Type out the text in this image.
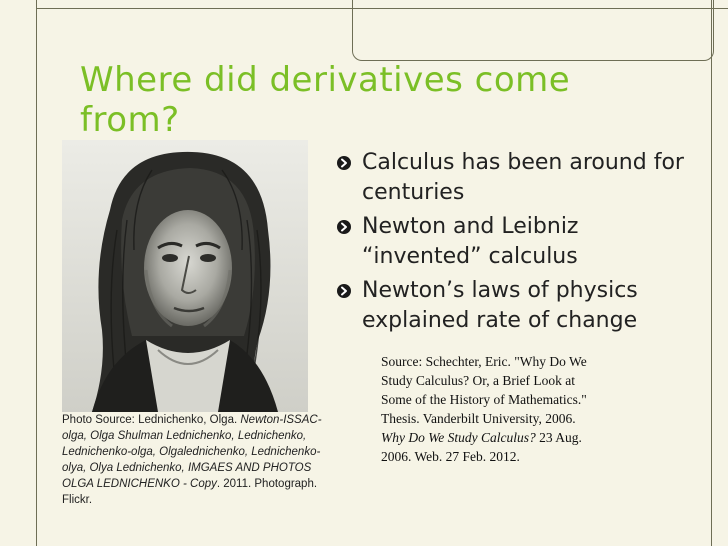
Where did derivatives come from?
Photo Source: Lednichenko, Olga. Newton-ISSAC-olga, Olga Shulman Lednichenko, Lednichenko, Lednichenko-olga, Olgalednichenko, Lednichenko-olya, Olya Lednichenko, IMGAES AND PHOTOS OLGA LEDNICHENKO - Copy. 2011. Photograph. Flickr.
Calculus has been around for centuries
Newton and Leibniz “invented” calculus
Newton’s laws of physics explained rate of change
Source: Schechter, Eric. "Why Do We Study Calculus? Or, a Brief Look at Some of the History of Mathematics." Thesis. Vanderbilt University, 2006. Why Do We Study Calculus? 23 Aug. 2006. Web. 27 Feb. 2012.
